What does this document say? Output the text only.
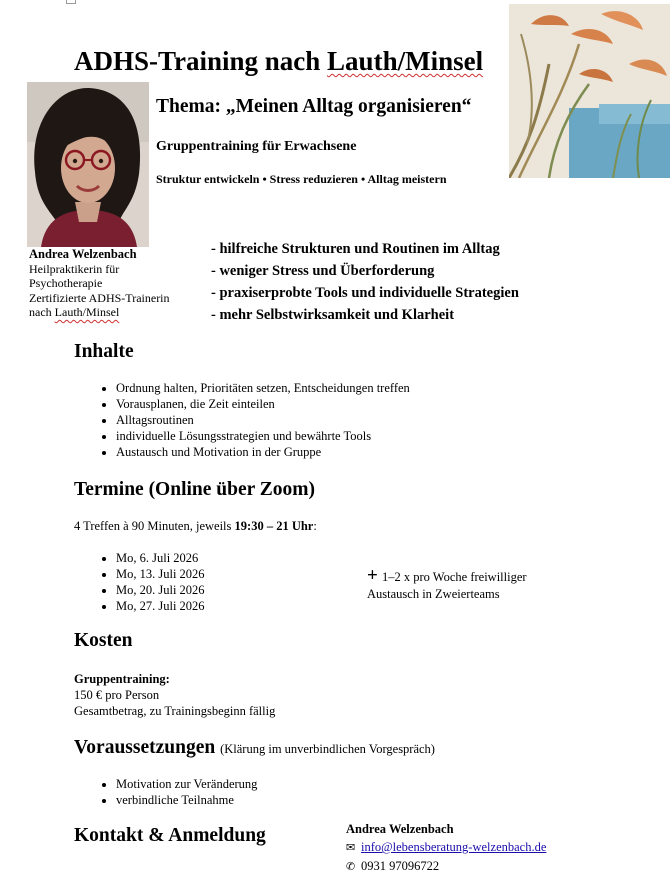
ADHS-Training nach Lauth/Minsel
Thema: „Meinen Alltag organisieren“
Gruppentraining für Erwachsene
Struktur entwickeln • Stress reduzieren • Alltag meistern
Andrea Welzenbach
Heilpraktikerin für
Psychotherapie
Zertifizierte ADHS-Trainerin
nach Lauth/Minsel
- hilfreiche Strukturen und Routinen im Alltag
- weniger Stress und Überforderung
- praxiserprobte Tools und individuelle Strategien
- mehr Selbstwirksamkeit und Klarheit
Inhalte
• Ordnung halten, Prioritäten setzen, Entscheidungen treffen
• Vorausplanen, die Zeit einteilen
• Alltagsroutinen
• individuelle Lösungsstrategien und bewährte Tools
• Austausch und Motivation in der Gruppe
Termine (Online über Zoom)
4 Treffen à 90 Minuten, jeweils 19:30 – 21 Uhr:
• Mo, 6. Juli 2026
• Mo, 13. Juli 2026
• Mo, 20. Juli 2026
• Mo, 27. Juli 2026
+ 1–2 x pro Woche freiwilliger
Austausch in Zweierteams
Kosten
Gruppentraining:
150 € pro Person
Gesamtbetrag, zu Trainingsbeginn fällig
Voraussetzungen (Klärung im unverbindlichen Vorgespräch)
• Motivation zur Veränderung
• verbindliche Teilnahme
Kontakt & Anmeldung	Andrea Welzenbach
✉ info@lebensberatung-welzenbach.de
✆ 0931 97096722
